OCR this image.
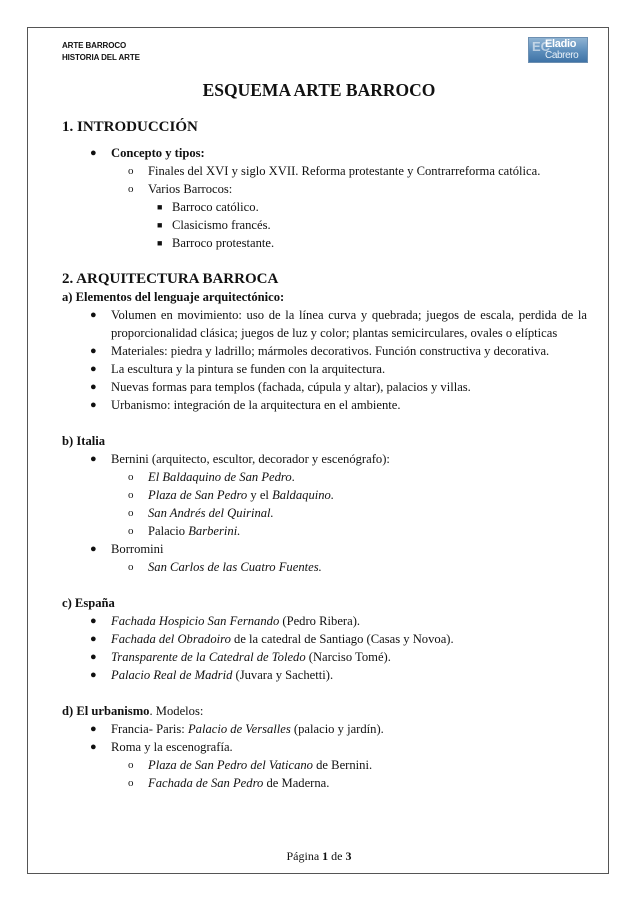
ARTE BARROCO
HISTORIA DEL ARTE
EC
Eladio
Cabrero
ESQUEMA ARTE BARROCO
1. INTRODUCCIÓN
● Concepto y tipos:
o Finales del XVI y siglo XVII. Reforma protestante y Contrarreforma católica.
o Varios Barrocos:
■ Barroco católico.
■ Clasicismo francés.
■ Barroco protestante.
2. ARQUITECTURA BARROCA
a) Elementos del lenguaje arquitectónico:
● Volumen en movimiento: uso de la línea curva y quebrada; juegos de escala, perdida de la proporcionalidad clásica; juegos de luz y color; plantas semicirculares, ovales o elípticas
● Materiales: piedra y ladrillo; mármoles decorativos. Función constructiva y decorativa.
● La escultura y la pintura se funden con la arquitectura.
● Nuevas formas para templos (fachada, cúpula y altar), palacios y villas.
● Urbanismo: integración de la arquitectura en el ambiente.
b) Italia
● Bernini (arquitecto, escultor, decorador y escenógrafo):
o El Baldaquino de San Pedro.
o Plaza de San Pedro y el Baldaquino.
o San Andrés del Quirinal.
o Palacio Barberini.
● Borromini
o San Carlos de las Cuatro Fuentes.
c) España
● Fachada Hospicio San Fernando (Pedro Ribera).
● Fachada del Obradoiro de la catedral de Santiago (Casas y Novoa).
● Transparente de la Catedral de Toledo (Narciso Tomé).
● Palacio Real de Madrid (Juvara y Sachetti).
d) El urbanismo. Modelos:
● Francia- Paris: Palacio de Versalles (palacio y jardín).
● Roma y la escenografía.
o Plaza de San Pedro del Vaticano de Bernini.
o Fachada de San Pedro de Maderna.
Página 1 de 3
